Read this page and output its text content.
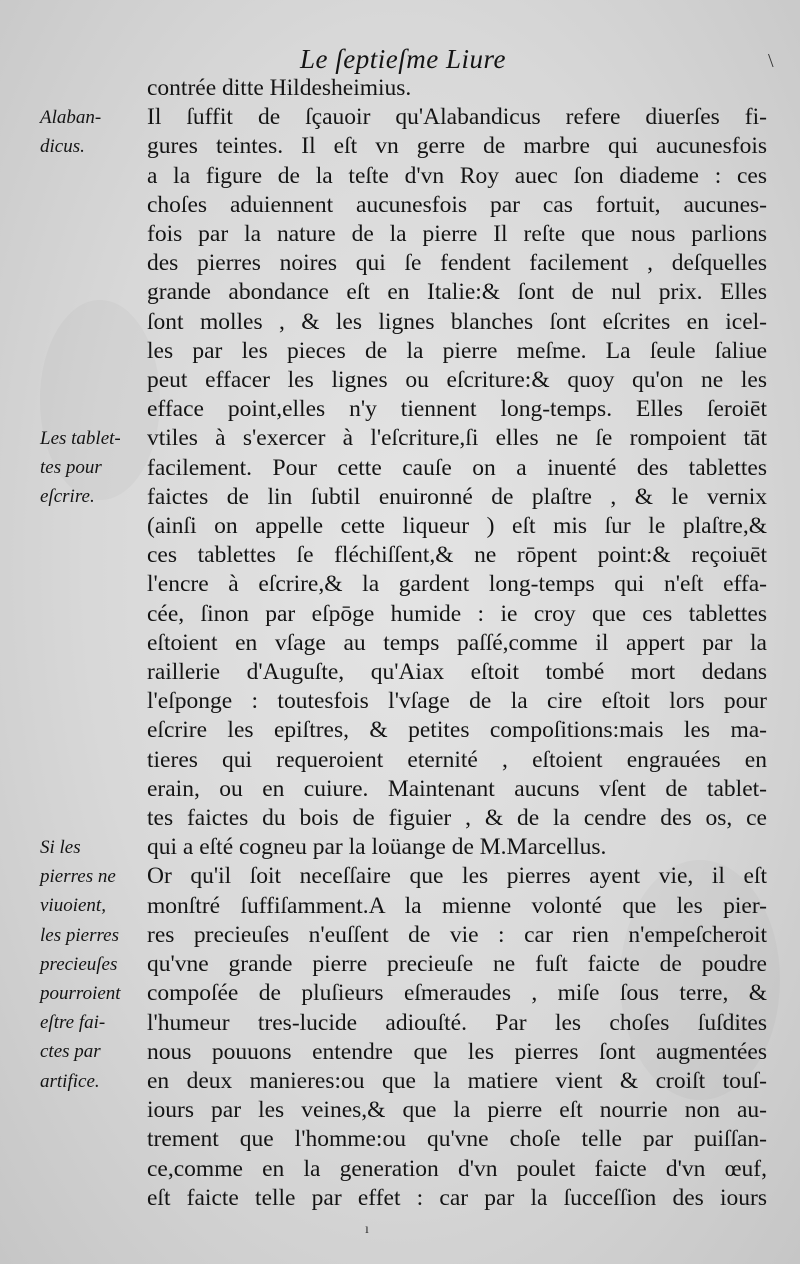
Le ſeptieſme Liure
contrée ditte Hildesheimius.
Il ſuffit de ſçauoir qu'Alabandicus refere diuerſes fi-
gures teintes. Il eſt vn gerre de marbre qui aucunesfois
a la figure de la teſte d'vn Roy auec ſon diademe : ces
choſes aduiennent aucunesfois par cas fortuit, aucunes-
fois par la nature de la pierre Il reſte que nous parlions
des pierres noires qui ſe fendent facilement , deſquelles
grande abondance eſt en Italie:& ſont de nul prix. Elles
ſont molles , & les lignes blanches ſont eſcrites en icel-
les par les pieces de la pierre meſme. La ſeule ſaliue
peut effacer les lignes ou eſcriture:& quoy qu'on ne les
efface point,elles n'y tiennent long-temps. Elles ſeroiēt
vtiles à s'exercer à l'eſcriture,ſi elles ne ſe rompoient tāt
facilement. Pour cette cauſe on a inuenté des tablettes
faictes de lin ſubtil enuironné de plaſtre , & le vernix
(ainſi on appelle cette liqueur ) eſt mis ſur le plaſtre,&
ces tablettes ſe fléchiſſent,& ne rōpent point:& reçoiuēt
l'encre à eſcrire,& la gardent long-temps qui n'eſt effa-
cée, ſinon par eſpōge humide : ie croy que ces tablettes
eſtoient en vſage au temps paſſé,comme il appert par la
raillerie d'Auguſte, qu'Aiax eſtoit tombé mort dedans
l'eſponge : toutesfois l'vſage de la cire eſtoit lors pour
eſcrire les epiſtres, & petites compoſitions:mais les ma-
tieres qui requeroient eternité , eſtoient engrauées en
erain, ou en cuiure. Maintenant aucuns vſent de tablet-
tes faictes du bois de figuier , & de la cendre des os, ce
qui a eſté cogneu par la loüange de M.Marcellus.
Or qu'il ſoit neceſſaire que les pierres ayent vie, il eſt
monſtré ſuffiſamment.A la mienne volonté que les pier-
res precieuſes n'euſſent de vie : car rien n'empeſcheroit
qu'vne grande pierre precieuſe ne fuſt faicte de poudre
compoſée de pluſieurs eſmeraudes , miſe ſous terre, &
l'humeur tres-lucide adiouſté. Par les choſes ſuſdites
nous pouuons entendre que les pierres ſont augmentées
en deux manieres:ou que la matiere vient & croiſt touſ-
iours par les veines,& que la pierre eſt nourrie non au-
trement que l'homme:ou qu'vne choſe telle par puiſſan-
ce,comme en la generation d'vn poulet faicte d'vn œuf,
eſt faicte telle par effet : car par la ſucceſſion des iours
Alaban-
dicus.
Les tablet-
tes pour
eſcrire.
Si les
pierres ne
viuoient,
les pierres
precieuſes
pourroient
eſtre fai-
ctes par
artifice.
\
ı
